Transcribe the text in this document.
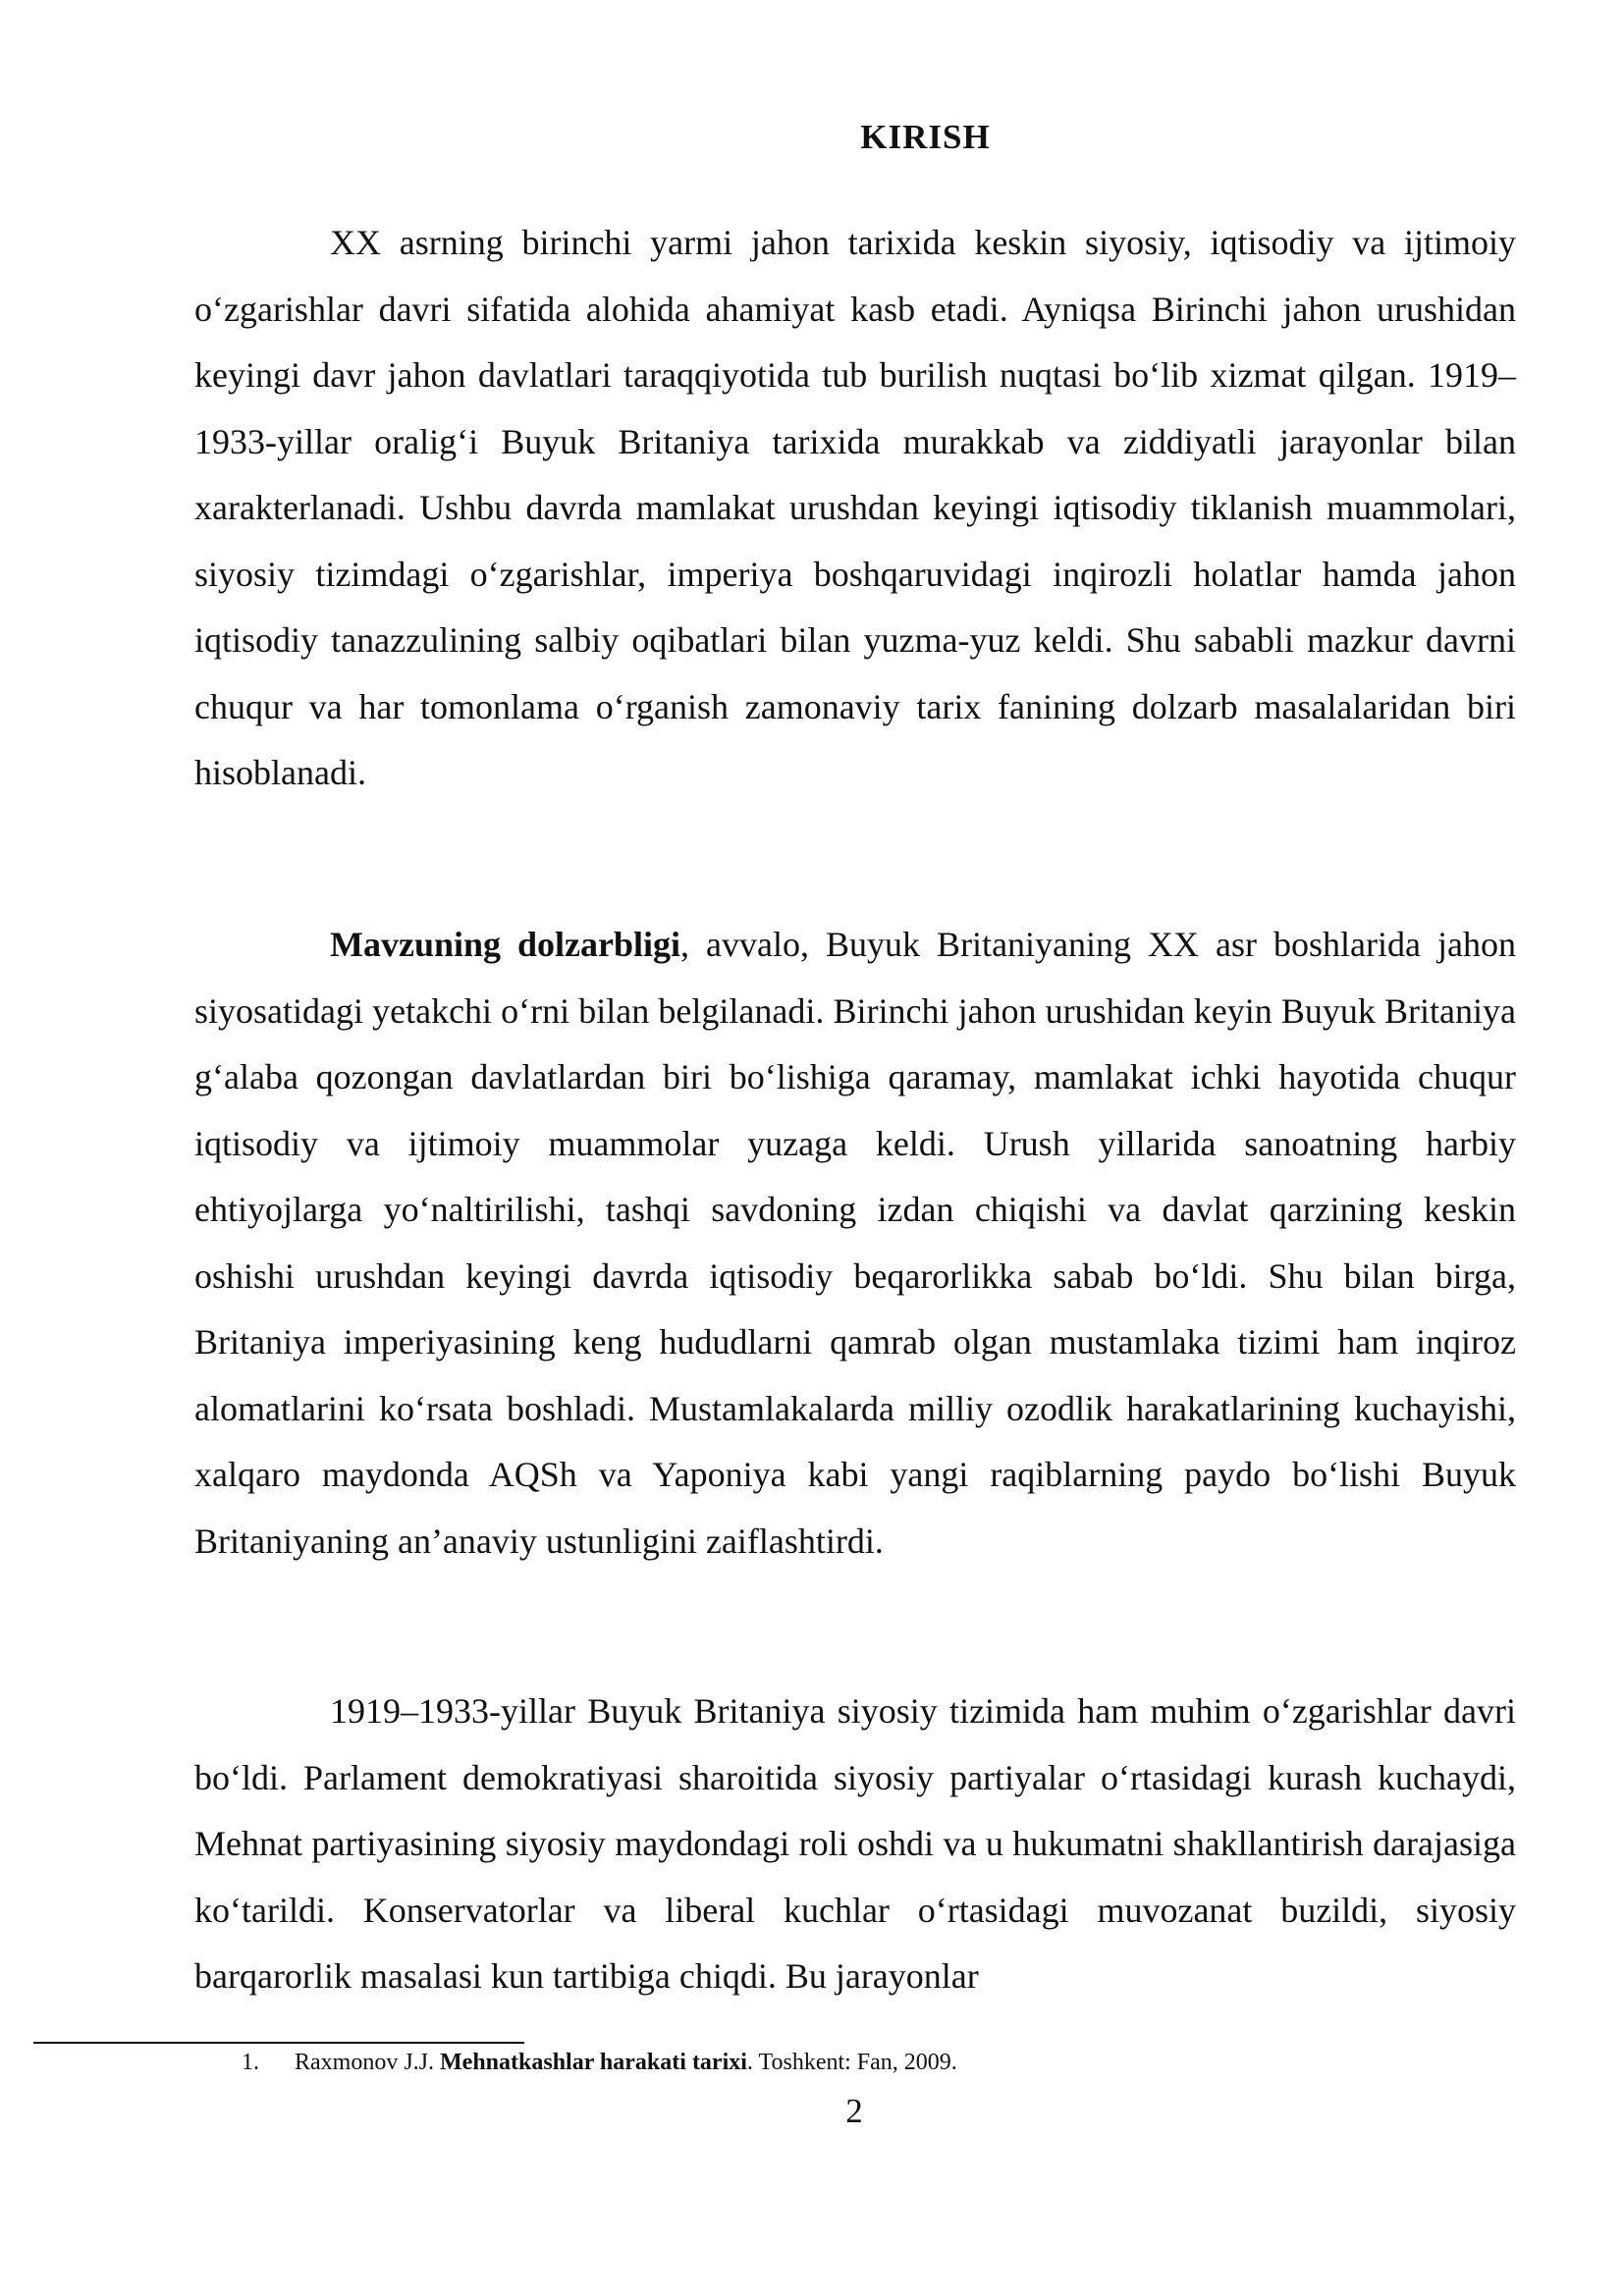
KIRISH

XX asrning birinchi yarmi jahon tarixida keskin siyosiy, iqtisodiy va ijtimoiy o‘zgarishlar davri sifatida alohida ahamiyat kasb etadi. Ayniqsa Birinchi jahon urushidan keyingi davr jahon davlatlari taraqqiyotida tub burilish nuqtasi bo‘lib xizmat qilgan. 1919–1933-yillar oralig‘i Buyuk Britaniya tarixida murakkab va ziddiyatli jarayonlar bilan xarakterlanadi. Ushbu davrda mamlakat urushdan keyingi iqtisodiy tiklanish muammolari, siyosiy tizimdagi o‘zgarishlar, imperiya boshqaruvidagi inqirozli holatlar hamda jahon iqtisodiy tanazzulining salbiy oqibatlari bilan yuzma-yuz keldi. Shu sababli mazkur davrni chuqur va har tomonlama o‘rganish zamonaviy tarix fanining dolzarb masalalaridan biri hisoblanadi.

Mavzuning dolzarbligi, avvalo, Buyuk Britaniyaning XX asr boshlarida jahon siyosatidagi yetakchi o‘rni bilan belgilanadi. Birinchi jahon urushidan keyin Buyuk Britaniya g‘alaba qozongan davlatlardan biri bo‘lishiga qaramay, mamlakat ichki hayotida chuqur iqtisodiy va ijtimoiy muammolar yuzaga keldi. Urush yillarida sanoatning harbiy ehtiyojlarga yo‘naltirilishi, tashqi savdoning izdan chiqishi va davlat qarzining keskin oshishi urushdan keyingi davrda iqtisodiy beqarorlikka sabab bo‘ldi. Shu bilan birga, Britaniya imperiyasining keng hududlarni qamrab olgan mustamlaka tizimi ham inqiroz alomatlarini ko‘rsata boshladi. Mustamlakalarda milliy ozodlik harakatlarining kuchayishi, xalqaro maydonda AQSh va Yaponiya kabi yangi raqiblarning paydo bo‘lishi Buyuk Britaniyaning an’anaviy ustunligini zaiflashtirdi.

1919–1933-yillar Buyuk Britaniya siyosiy tizimida ham muhim o‘zgarishlar davri bo‘ldi. Parlament demokratiyasi sharoitida siyosiy partiyalar o‘rtasidagi kurash kuchaydi, Mehnat partiyasining siyosiy maydondagi roli oshdi va u hukumatni shakllantirish darajasiga ko‘tarildi. Konservatorlar va liberal kuchlar o‘rtasidagi muvozanat buzildi, siyosiy barqarorlik masalasi kun tartibiga chiqdi. Bu jarayonlar

1. Raxmonov J.J. Mehnatkashlar harakati tarixi. Toshkent: Fan, 2009.

2
